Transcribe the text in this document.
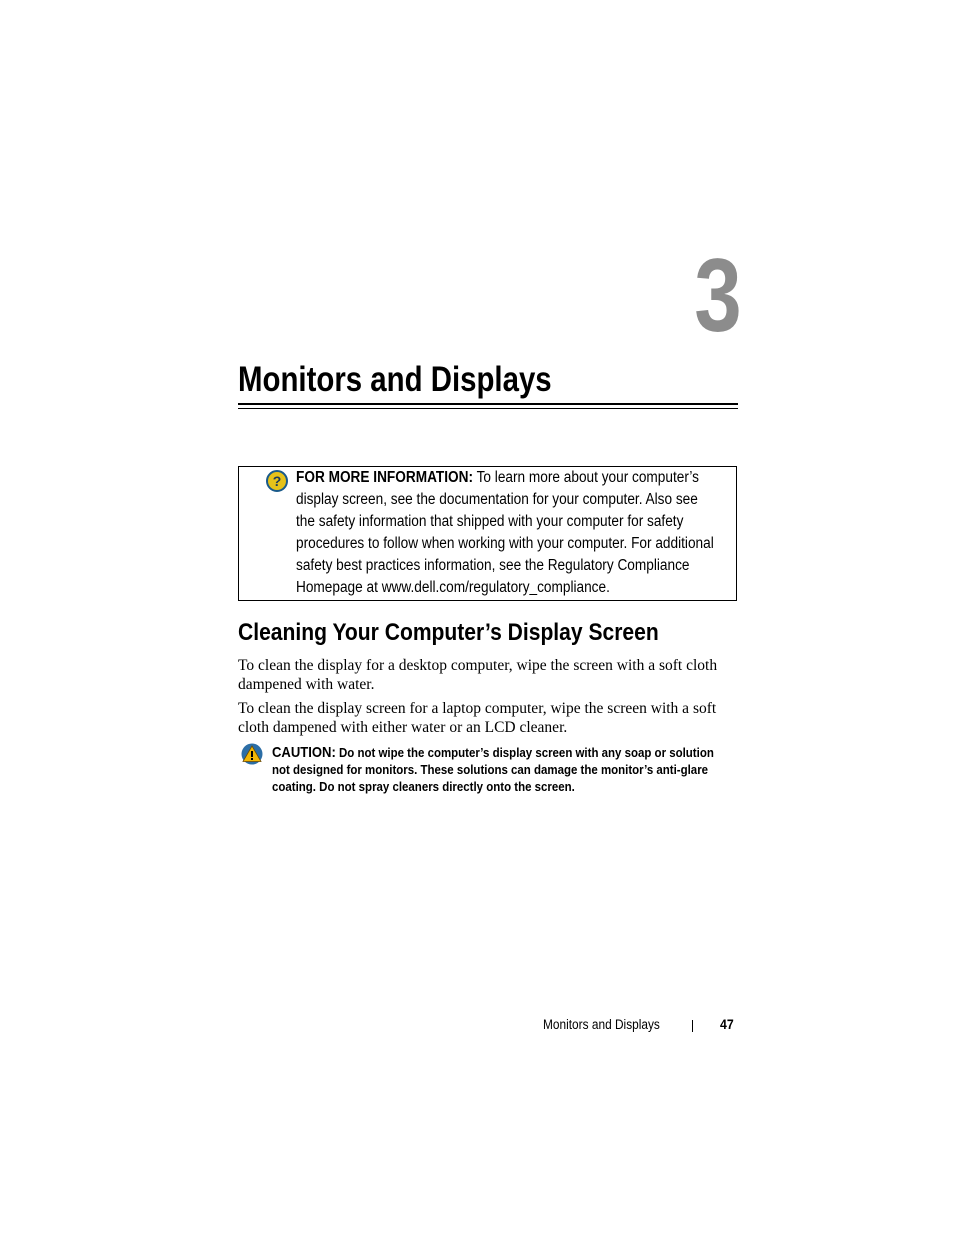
3
Monitors and Displays
? FOR MORE INFORMATION: To learn more about your computer’s display screen, see the documentation for your computer. Also see the safety information that shipped with your computer for safety procedures to follow when working with your computer. For additional safety best practices information, see the Regulatory Compliance Homepage at www.dell.com/regulatory_compliance.
Cleaning Your Computer’s Display Screen
To clean the display for a desktop computer, wipe the screen with a soft cloth dampened with water.
To clean the display screen for a laptop computer, wipe the screen with a soft cloth dampened with either water or an LCD cleaner.
CAUTION: Do not wipe the computer’s display screen with any soap or solution not designed for monitors. These solutions can damage the monitor’s anti-glare coating. Do not spray cleaners directly onto the screen.
Monitors and Displays	47
